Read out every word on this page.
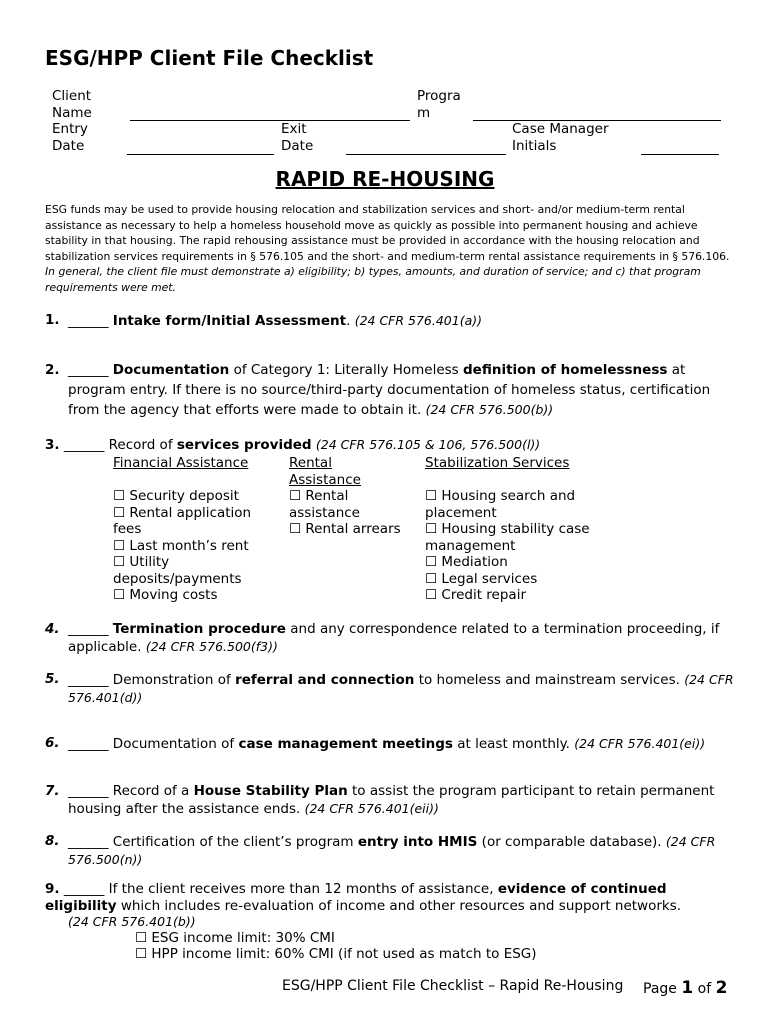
ESG/HPP Client File Checklist
Client Name
Progra m
Entry Date
Exit Date
Case Manager Initials
RAPID RE-HOUSING
ESG funds may be used to provide housing relocation and stabilization services and short- and/or medium-term rental assistance as necessary to help a homeless household move as quickly as possible into permanent housing and achieve stability in that housing. The rapid rehousing assistance must be provided in accordance with the housing relocation and stabilization services requirements in § 576.105 and the short- and medium-term rental assistance requirements in § 576.106. In general, the client file must demonstrate a) eligibility; b) types, amounts, and duration of service; and c) that program requirements were met.
1. ______ Intake form/Initial Assessment. (24 CFR 576.401(a))
2. ______ Documentation of Category 1: Literally Homeless definition of homelessness at program entry. If there is no source/third-party documentation of homeless status, certification from the agency that efforts were made to obtain it. (24 CFR 576.500(b))
3. ______ Record of services provided (24 CFR 576.105 & 106, 576.500(l))
Financial Assistance
☐ Security deposit
☐ Rental application fees
☐ Last month’s rent
☐ Utility deposits/payments
☐ Moving costs
Rental Assistance
☐ Rental assistance
☐ Rental arrears
Stabilization Services
☐ Housing search and placement
☐ Housing stability case management
☐ Mediation
☐ Legal services
☐ Credit repair
4. ______ Termination procedure and any correspondence related to a termination proceeding, if applicable. (24 CFR 576.500(f3))
5. ______ Demonstration of referral and connection to homeless and mainstream services. (24 CFR 576.401(d))
6. ______ Documentation of case management meetings at least monthly. (24 CFR 576.401(ei))
7. ______ Record of a House Stability Plan to assist the program participant to retain permanent housing after the assistance ends. (24 CFR 576.401(eii))
8. ______ Certification of the client’s program entry into HMIS (or comparable database). (24 CFR 576.500(n))
9. ______ If the client receives more than 12 months of assistance, evidence of continued eligibility which includes re-evaluation of income and other resources and support networks.
(24 CFR 576.401(b))
☐ ESG income limit: 30% CMI
☐ HPP income limit: 60% CMI (if not used as match to ESG)
ESG/HPP Client File Checklist – Rapid Re-Housing Page 1 of 2
